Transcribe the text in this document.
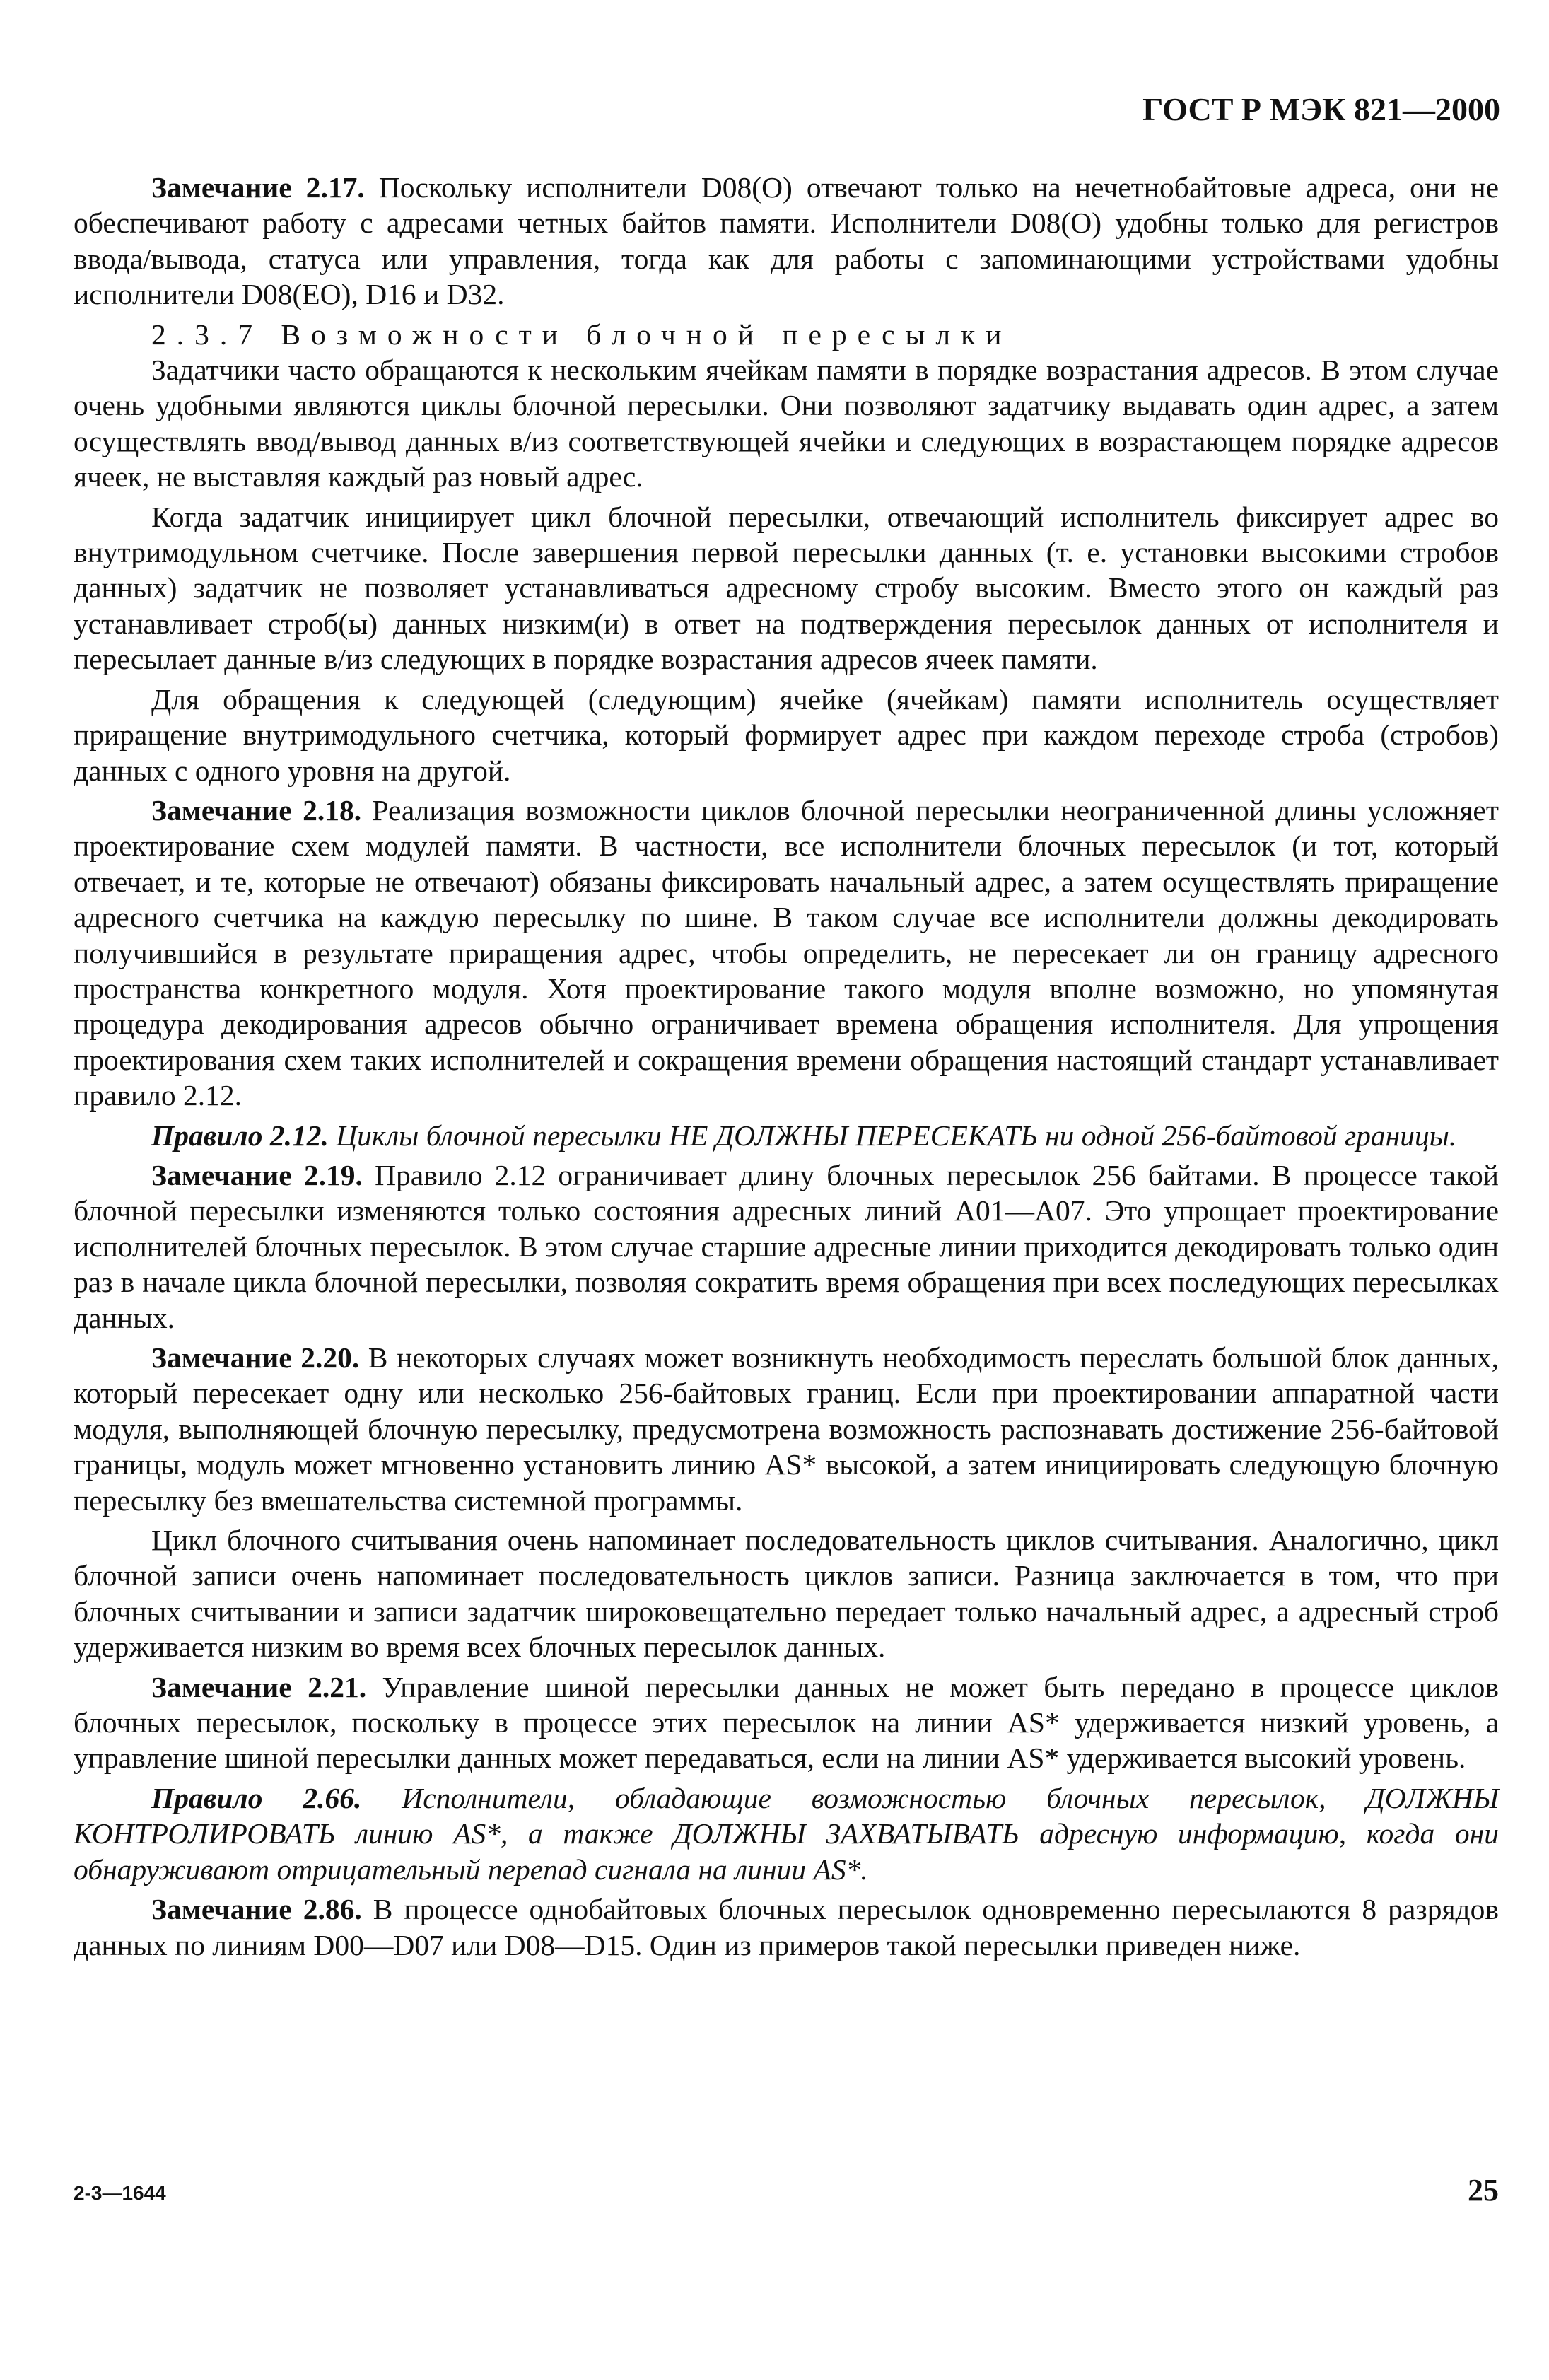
ГОСТ Р МЭК 821—2000

Замечание 2.17. Поскольку исполнители D08(O) отвечают только на нечетнобайтовые адреса, они не обеспечивают работу с адресами четных байтов памяти. Исполнители D08(O) удобны только для регистров ввода/вывода, статуса или управления, тогда как для работы с запоминающими устройствами удобны исполнители D08(EO), D16 и D32.

2.3.7 Возможности блочной пересылки

Задатчики часто обращаются к нескольким ячейкам памяти в порядке возрастания адресов. В этом случае очень удобными являются циклы блочной пересылки. Они позволяют задатчику выдавать один адрес, а затем осуществлять ввод/вывод данных в/из соответствующей ячейки и следующих в возрастающем порядке адресов ячеек, не выставляя каждый раз новый адрес.

Когда задатчик инициирует цикл блочной пересылки, отвечающий исполнитель фиксирует адрес во внутримодульном счетчике. После завершения первой пересылки данных (т. е. установки высокими стробов данных) задатчик не позволяет устанавливаться адресному стробу высоким. Вместо этого он каждый раз устанавливает строб(ы) данных низким(и) в ответ на подтверждения пересылок данных от исполнителя и пересылает данные в/из следующих в порядке возрастания адресов ячеек памяти.

Для обращения к следующей (следующим) ячейке (ячейкам) памяти исполнитель осуществляет приращение внутримодульного счетчика, который формирует адрес при каждом переходе строба (стробов) данных с одного уровня на другой.

Замечание 2.18. Реализация возможности циклов блочной пересылки неограниченной длины усложняет проектирование схем модулей памяти. В частности, все исполнители блочных пересылок (и тот, который отвечает, и те, которые не отвечают) обязаны фиксировать начальный адрес, а затем осуществлять приращение адресного счетчика на каждую пересылку по шине. В таком случае все исполнители должны декодировать получившийся в результате приращения адрес, чтобы определить, не пересекает ли он границу адресного пространства конкретного модуля. Хотя проектирование такого модуля вполне возможно, но упомянутая процедура декодирования адресов обычно ограничивает времена обращения исполнителя. Для упрощения проектирования схем таких исполнителей и сокращения времени обращения настоящий стандарт устанавливает правило 2.12.

Правило 2.12. Циклы блочной пересылки НЕ ДОЛЖНЫ ПЕРЕСЕКАТЬ ни одной 256-байтовой границы.

Замечание 2.19. Правило 2.12 ограничивает длину блочных пересылок 256 байтами. В процессе такой блочной пересылки изменяются только состояния адресных линий A01—A07. Это упрощает проектирование исполнителей блочных пересылок. В этом случае старшие адресные линии приходится декодировать только один раз в начале цикла блочной пересылки, позволяя сократить время обращения при всех последующих пересылках данных.

Замечание 2.20. В некоторых случаях может возникнуть необходимость переслать большой блок данных, который пересекает одну или несколько 256-байтовых границ. Если при проектировании аппаратной части модуля, выполняющей блочную пересылку, предусмотрена возможность распознавать достижение 256-байтовой границы, модуль может мгновенно установить линию AS* высокой, а затем инициировать следующую блочную пересылку без вмешательства системной программы.

Цикл блочного считывания очень напоминает последовательность циклов считывания. Аналогично, цикл блочной записи очень напоминает последовательность циклов записи. Разница заключается в том, что при блочных считывании и записи задатчик широковещательно передает только начальный адрес, а адресный строб удерживается низким во время всех блочных пересылок данных.

Замечание 2.21. Управление шиной пересылки данных не может быть передано в процессе циклов блочных пересылок, поскольку в процессе этих пересылок на линии AS* удерживается низкий уровень, а управление шиной пересылки данных может передаваться, если на линии AS* удерживается высокий уровень.

Правило 2.66. Исполнители, обладающие возможностью блочных пересылок, ДОЛЖНЫ КОНТРОЛИРОВАТЬ линию AS*, а также ДОЛЖНЫ ЗАХВАТЫВАТЬ адресную информацию, когда они обнаруживают отрицательный перепад сигнала на линии AS*.

Замечание 2.86. В процессе однобайтовых блочных пересылок одновременно пересылаются 8 разрядов данных по линиям D00—D07 или D08—D15. Один из примеров такой пересылки приведен ниже.

2-3—1644	25
